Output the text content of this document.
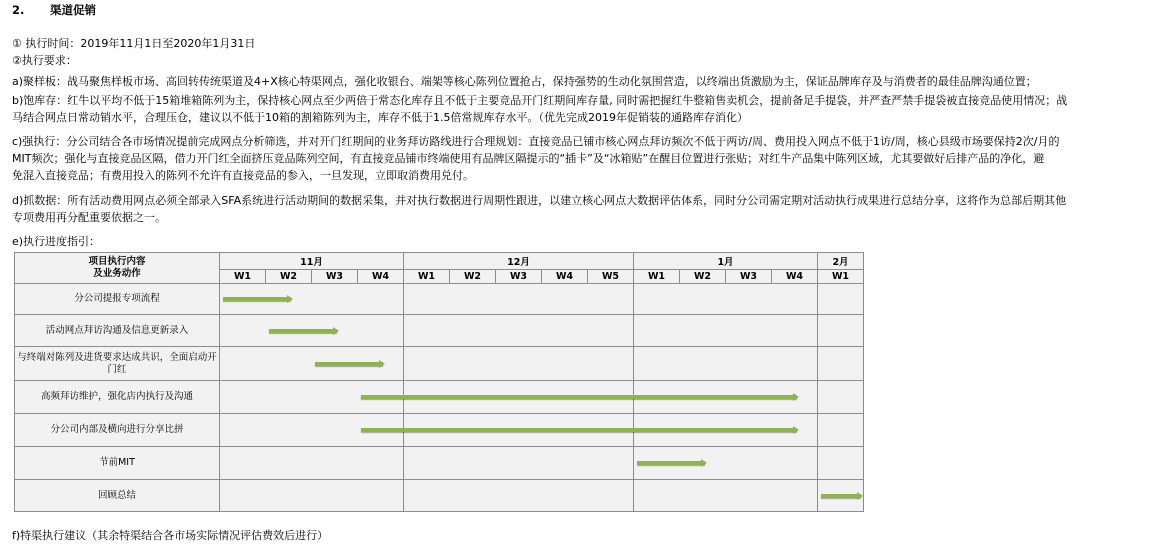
2. 渠道促销
① 执行时间：2019年11月1日至2020年1月31日
②执行要求：
a)聚样板：战马聚焦样板市场、高回转传统渠道及4+X核心特渠网点，强化收银台、端架等核心陈列位置抢占，保持强势的生动化氛围营造，以终端出货激励为主，保证品牌库存及与消费者的最佳品牌沟通位置；
b)饱库存：红牛以平均不低于15箱堆箱陈列为主，保持核心网点至少两倍于常态化库存且不低于主要竞品开门红期间库存量, 同时需把握红牛整箱售卖机会，提前备足手提袋，并严查严禁手提袋被直接竞品使用情况；战
马结合网点日常动销水平，合理压仓，建议以不低于10箱的割箱陈列为主，库存不低于1.5倍常规库存水平。（优先完成2019年促销装的通路库存消化）
c)强执行：分公司结合各市场情况提前完成网点分析筛选，并对开门红期间的业务拜访路线进行合理规划：直接竞品已铺市核心网点拜访频次不低于两访/周、费用投入网点不低于1访/周，核心县级市场要保持2次/月的
MIT频次；强化与直接竞品区隔，借力开门红全面挤压竞品陈列空间，有直接竞品铺市终端使用有品牌区隔提示的“插卡”及“冰箱贴”在醒目位置进行张贴；对红牛产品集中陈列区域，尤其要做好后排产品的净化，避
免混入直接竞品；有费用投入的陈列不允许有直接竞品的参入，一旦发现，立即取消费用兑付。
d)抓数据：所有活动费用网点必须全部录入SFA系统进行活动期间的数据采集，并对执行数据进行周期性跟进，以建立核心网点大数据评估体系，同时分公司需定期对活动执行成果进行总结分享，这将作为总部后期其他
专项费用再分配重要依据之一。
e)执行进度指引：
项目执行内容
及业务动作	11月				12月					1月				2月
	W1	W2	W3	W4	W1	W2	W3	W4	W5	W1	W2	W3	W4	W1
分公司提报专项流程														
活动网点拜访沟通及信息更新录入														
与终端对陈列及进货要求达成共识，全面启动开门红														
高频拜访维护，强化店内执行及沟通														
分公司内部及横向进行分享比拼														
节前MIT														
回顾总结														
f)特渠执行建议（其余特渠结合各市场实际情况评估费效后进行）
